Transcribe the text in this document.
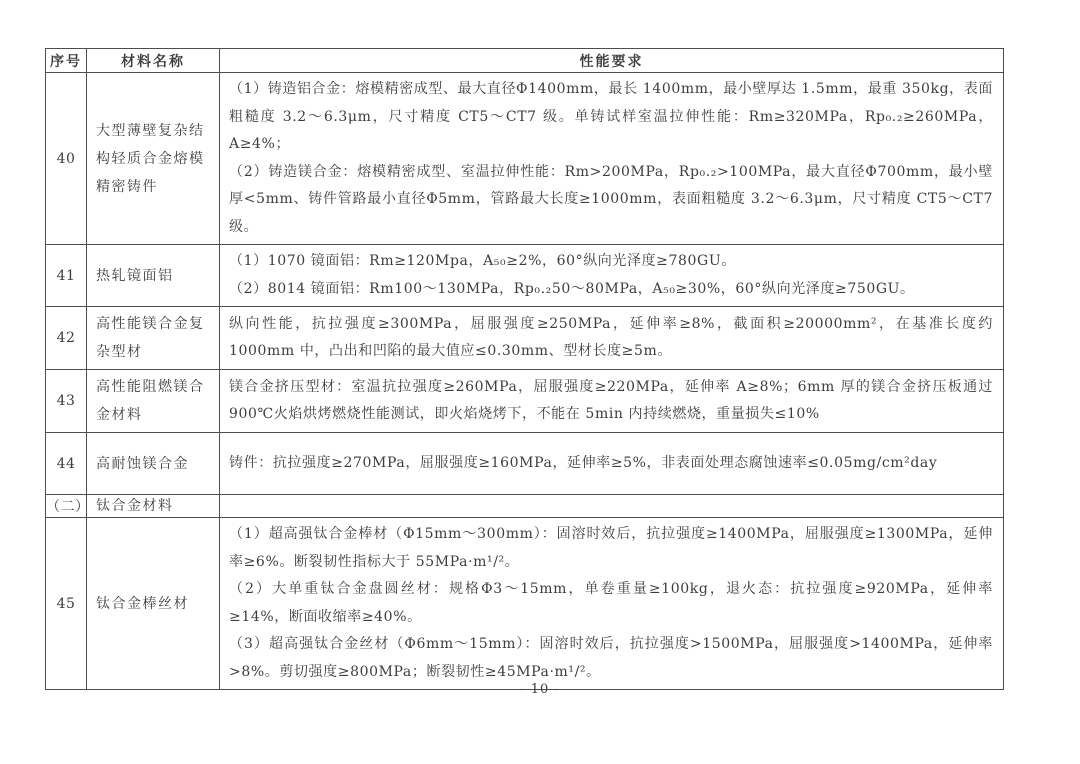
序号	材料名称	性能要求
40	大型薄壁复杂结构轻质合金熔模精密铸件	（1）铸造铝合金：熔模精密成型、最大直径Φ1400mm，最长 1400mm，最小壁厚达 1.5mm，最重 350kg，表面粗糙度 3.2～6.3μm，尺寸精度 CT5～CT7 级。单铸试样室温拉伸性能：Rm≥320MPa，Rp₀.₂≥260MPa，A≥4%；

（2）铸造镁合金：熔模精密成型、室温拉伸性能：Rm>200MPa，Rp₀.₂>100MPa，最大直径Φ700mm，最小壁厚<5mm、铸件管路最小直径Φ5mm，管路最大长度≥1000mm，表面粗糙度 3.2～6.3μm，尺寸精度 CT5～CT7 级。

41	热轧镜面铝	（1）1070 镜面铝：Rm≥120Mpa，A₅₀≥2%，60°纵向光泽度≥780GU。

（2）8014 镜面铝：Rm100～130MPa，Rp₀.₂50～80MPa，A₅₀≥30%，60°纵向光泽度≥750GU。

42	高性能镁合金复杂型材	纵向性能，抗拉强度≥300MPa，屈服强度≥250MPa，延伸率≥8%，截面积≥20000mm²，在基准长度约 1000mm 中，凸出和凹陷的最大值应≤0.30mm、型材长度≥5m。

43	高性能阻燃镁合金材料	镁合金挤压型材：室温抗拉强度≥260MPa，屈服强度≥220MPa，延伸率 A≥8%；6mm 厚的镁合金挤压板通过 900℃火焰烘烤燃烧性能测试，即火焰烧烤下，不能在 5min 内持续燃烧，重量损失≤10%

44	高耐蚀镁合金	铸件：抗拉强度≥270MPa，屈服强度≥160MPa，延伸率≥5%，非表面处理态腐蚀速率≤0.05mg/cm²day

（二）	钛合金材料	
45	钛合金棒丝材	（1）超高强钛合金棒材（Φ15mm～300mm）：固溶时效后，抗拉强度≥1400MPa，屈服强度≥1300MPa，延伸率≥6%。断裂韧性指标大于 55MPa·m¹/²。

（2）大单重钛合金盘圆丝材：规格Φ3～15mm，单卷重量≥100kg，退火态：抗拉强度≥920MPa，延伸率≥14%，断面收缩率≥40%。

（3）超高强钛合金丝材（Φ6mm～15mm）：固溶时效后，抗拉强度>1500MPa，屈服强度>1400MPa，延伸率>8%。剪切强度≥800MPa；断裂韧性≥45MPa·m¹/²。

- 10 -
